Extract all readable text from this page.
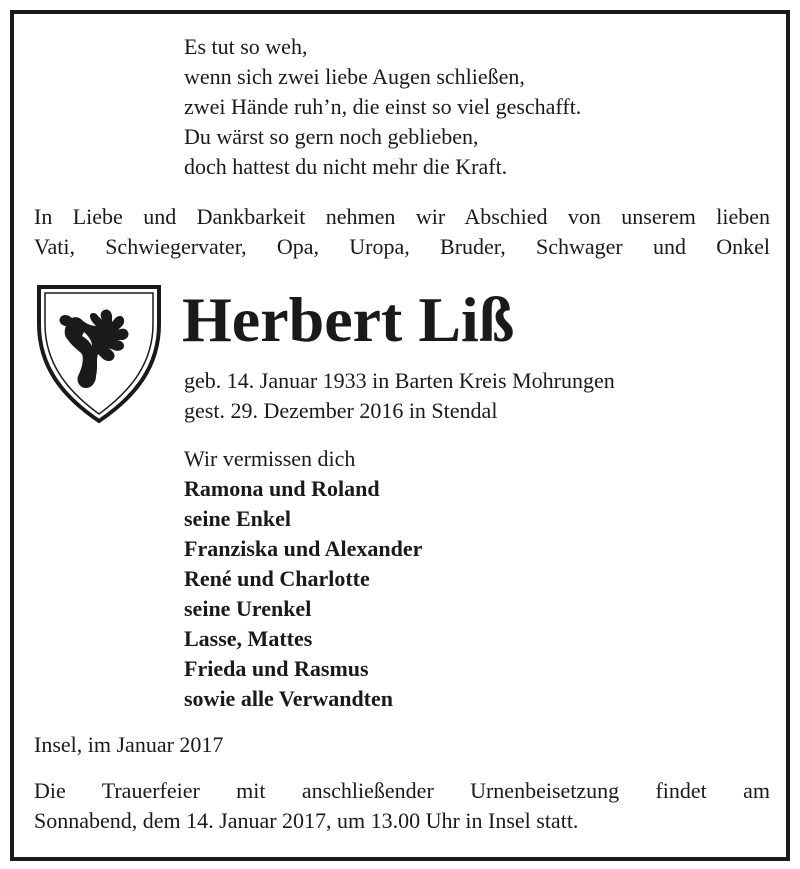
Es tut so weh,
wenn sich zwei liebe Augen schließen,
zwei Hände ruh’n, die einst so viel geschafft.
Du wärst so gern noch geblieben,
doch hattest du nicht mehr die Kraft.
In Liebe und Dankbarkeit nehmen wir Abschied von unserem lieben
Vati, Schwiegervater, Opa, Uropa, Bruder, Schwager und Onkel
Herbert Liß
geb. 14. Januar 1933 in Barten Kreis Mohrungen
gest. 29. Dezember 2016 in Stendal
Wir vermissen dich
Ramona und Roland
seine Enkel
Franziska und Alexander
René und Charlotte
seine Urenkel
Lasse, Mattes
Frieda und Rasmus
sowie alle Verwandten
Insel, im Januar 2017
Die Trauerfeier mit anschließender Urnenbeisetzung findet am
Sonnabend, dem 14. Januar 2017, um 13.00 Uhr in Insel statt.
